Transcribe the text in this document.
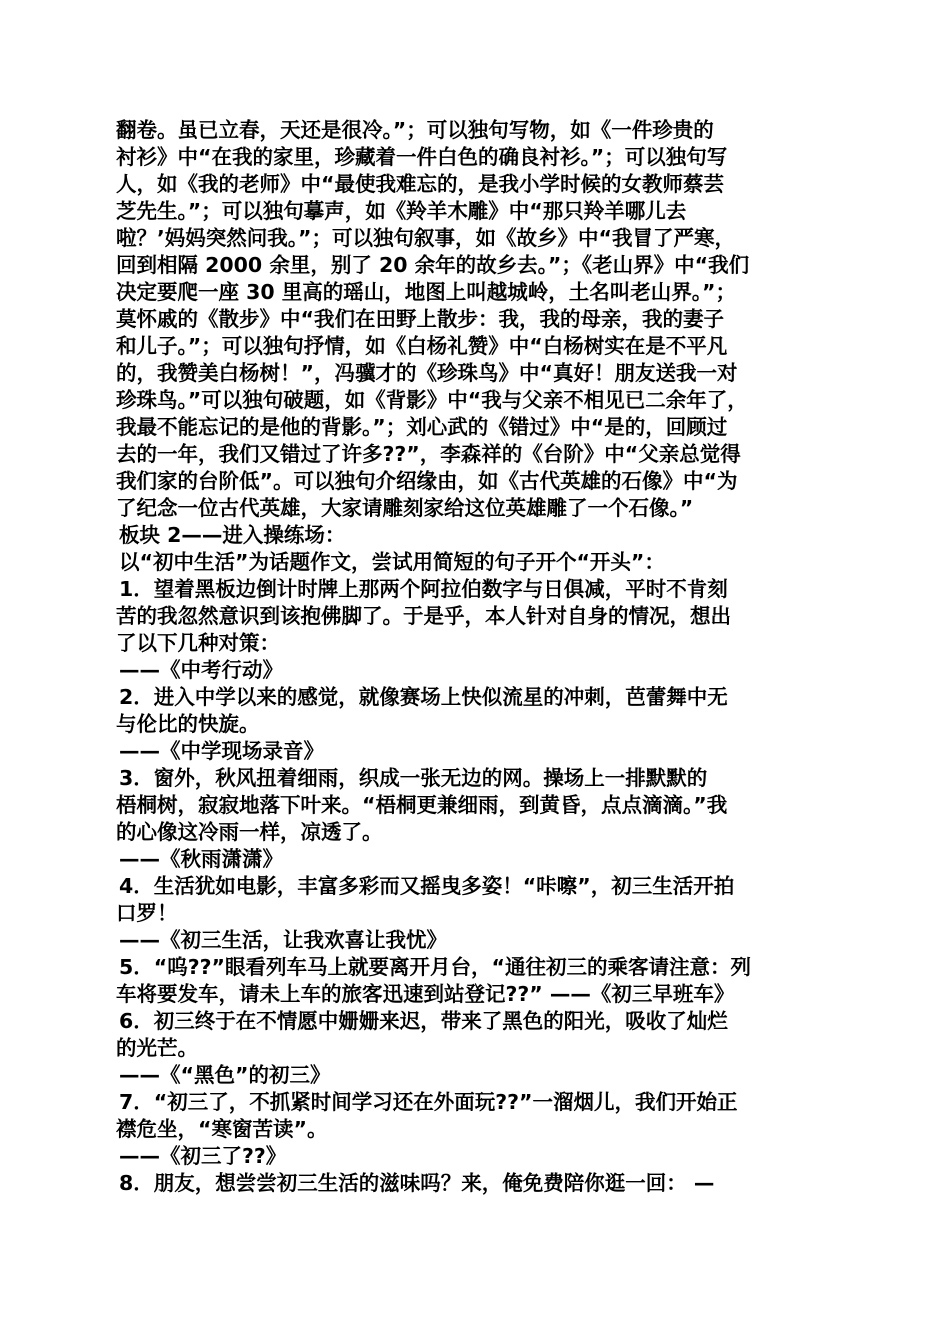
翻卷。虽已立春，天还是很冷。”；可以独句写物，如《一件珍贵的
衬衫》中“在我的家里，珍藏着一件白色的确良衬衫。”；可以独句写
人，如《我的老师》中“最使我难忘的，是我小学时候的女教师蔡芸
芝先生。”；可以独句摹声，如《羚羊木雕》中“那只羚羊哪儿去
啦？’妈妈突然问我。”；可以独句叙事，如《故乡》中“我冒了严寒，
回到相隔 2000 余里，别了 20 余年的故乡去。”；《老山界》中“我们
决定要爬一座 30 里高的瑶山，地图上叫越城岭，土名叫老山界。”；
莫怀戚的《散步》中“我们在田野上散步：我，我的母亲，我的妻子
和儿子。”；可以独句抒情，如《白杨礼赞》中“白杨树实在是不平凡
的，我赞美白杨树！”，冯骥才的《珍珠鸟》中“真好！朋友送我一对
珍珠鸟。”可以独句破题，如《背影》中“我与父亲不相见已二余年了，
我最不能忘记的是他的背影。”；刘心武的《错过》中“是的，回顾过
去的一年，我们又错过了许多??”，李森祥的《台阶》中“父亲总觉得
我们家的台阶低”。可以独句介绍缘由，如《古代英雄的石像》中“为
了纪念一位古代英雄，大家请雕刻家给这位英雄雕了一个石像。”
板块 2——进入操练场：
以“初中生活”为话题作文，尝试用简短的句子开个“开头”：
1．望着黑板边倒计时牌上那两个阿拉伯数字与日俱减，平时不肯刻
苦的我忽然意识到该抱佛脚了。于是乎，本人针对自身的情况，想出
了以下几种对策：
——《中考行动》
2．进入中学以来的感觉，就像赛场上快似流星的冲刺，芭蕾舞中无
与伦比的快旋。
——《中学现场录音》
3．窗外，秋风扭着细雨，织成一张无边的网。操场上一排默默的
梧桐树，寂寂地落下叶来。“梧桐更兼细雨，到黄昏，点点滴滴。”我
的心像这冷雨一样，凉透了。
——《秋雨潇潇》
4．生活犹如电影，丰富多彩而又摇曳多姿！“咔嚓”，初三生活开拍
口罗！
——《初三生活，让我欢喜让我忧》
5．“呜??”眼看列车马上就要离开月台，“通往初三的乘客请注意：列
车将要发车，请未上车的旅客迅速到站登记??” ——《初三早班车》
6．初三终于在不情愿中姗姗来迟，带来了黑色的阳光，吸收了灿烂
的光芒。
——《“黑色”的初三》
7．“初三了，不抓紧时间学习还在外面玩??”一溜烟儿，我们开始正
襟危坐，“寒窗苦读”。
——《初三了??》
8．朋友，想尝尝初三生活的滋味吗？来，俺免费陪你逛一回： —
